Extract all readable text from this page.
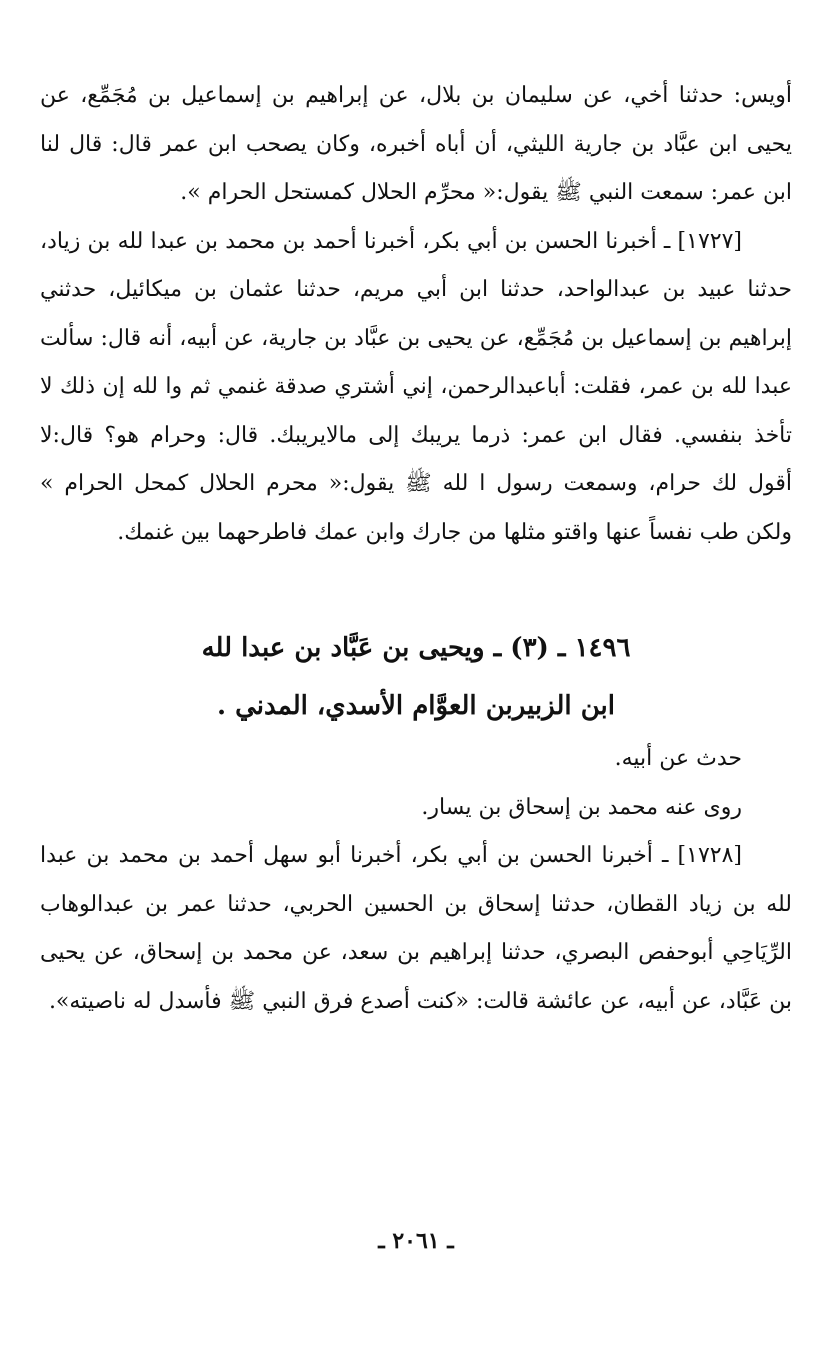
أويس: حدثنا أخي، عن سليمان بن بلال، عن إبراهيم بن إسماعيل بن مُجَمِّع، عن يحيى ابن عبَّاد بن جارية الليثي، أن أباه أخبره، وكان يصحب ابن عمر قال: قال لنا ابن عمر: سمعت النبي ﷺ يقول:« محرِّم الحلال كمستحل الحرام ».

[١٧٢٧] ـ أخبرنا الحسن بن أبي بكر، أخبرنا أحمد بن محمد بن عبدا لله بن زياد، حدثنا عبيد بن عبدالواحد، حدثنا ابن أبي مريم، حدثنا عثمان بن ميكائيل، حدثني إبراهيم بن إسماعيل بن مُجَمِّع، عن يحيى بن عبَّاد بن جارية، عن أبيه، أنه قال: سألت عبدا لله بن عمر، فقلت: أباعبدالرحمن، إني أشتري صدقة غنمي ثم وا لله إن ذلك لا تأخذ بنفسي. فقال ابن عمر: ذرما يريبك إلى مالايريبك. قال: وحرام هو؟ قال:لا أقول لك حرام، وسمعت رسول ا لله ﷺ يقول:« محرم الحلال كمحل الحرام » ولكن طب نفساً عنها واقتو مثلها من جارك وابن عمك فاطرحهما بين غنمك.

١٤٩٦ ـ (٣) ـ ويحيى بن عَبَّاد بن عبدا لله

ابن الزبيربن العوَّام الأسدي، المدني .

حدث عن أبيه.

روى عنه محمد بن إسحاق بن يسار.

[١٧٢٨] ـ أخبرنا الحسن بن أبي بكر، أخبرنا أبو سهل أحمد بن محمد بن عبدا لله بن زياد القطان، حدثنا إسحاق بن الحسين الحربي، حدثنا عمر بن عبدالوهاب الرِّيَاحِي أبوحفص البصري، حدثنا إبراهيم بن سعد، عن محمد بن إسحاق، عن يحيى بن عَبَّاد، عن أبيه، عن عائشة قالت: «كنت أصدع فرق النبي ﷺ فأسدل له ناصيته».

ـ ٢٠٦١ ـ
